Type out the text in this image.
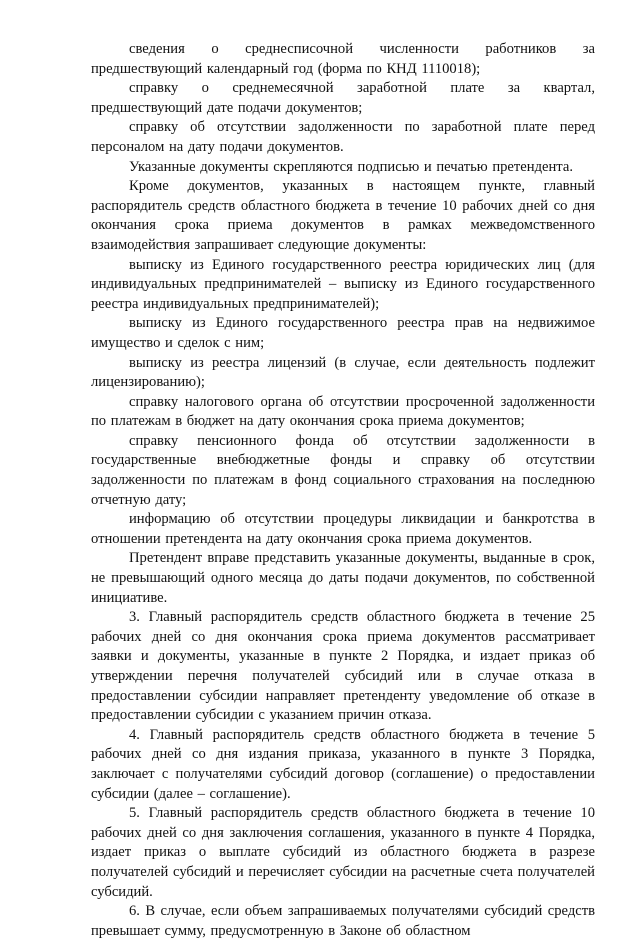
сведения о среднесписочной численности работников за предшествующий календарный год (форма по КНД 1110018);

справку о среднемесячной заработной плате за квартал, предшествующий дате подачи документов;

справку об отсутствии задолженности по заработной плате перед персоналом на дату подачи документов.

Указанные документы скрепляются подписью и печатью претендента.

Кроме документов, указанных в настоящем пункте, главный распорядитель средств областного бюджета в течение 10 рабочих дней со дня окончания срока приема документов в рамках межведомственного взаимодействия запрашивает следующие документы:

выписку из Единого государственного реестра юридических лиц (для индивидуальных предпринимателей – выписку из Единого государственного реестра индивидуальных предпринимателей);

выписку из Единого государственного реестра прав на недвижимое имущество и сделок с ним;

выписку из реестра лицензий (в случае, если деятельность подлежит лицензированию);

справку налогового органа об отсутствии просроченной задолженности по платежам в бюджет на дату окончания срока приема документов;

справку пенсионного фонда об отсутствии задолженности в государственные внебюджетные фонды и справку об отсутствии задолженности по платежам в фонд социального страхования на последнюю отчетную дату;

информацию об отсутствии процедуры ликвидации и банкротства в отношении претендента на дату окончания срока приема документов.

Претендент вправе представить указанные документы, выданные в срок, не превышающий одного месяца до даты подачи документов, по собственной инициативе.

3. Главный распорядитель средств областного бюджета в течение 25 рабочих дней со дня окончания срока приема документов рассматривает заявки и документы, указанные в пункте 2 Порядка, и издает приказ об утверждении перечня получателей субсидий или в случае отказа в предоставлении субсидии направляет претенденту уведомление об отказе в предоставлении субсидии с указанием причин отказа.

4. Главный распорядитель средств областного бюджета в течение 5 рабочих дней со дня издания приказа, указанного в пункте 3 Порядка, заключает с получателями субсидий договор (соглашение) о предоставлении субсидии (далее – соглашение).

5. Главный распорядитель средств областного бюджета в течение 10 рабочих дней со дня заключения соглашения, указанного в пункте 4 Порядка, издает приказ о выплате субсидий из областного бюджета в разрезе получателей субсидий и перечисляет субсидии на расчетные счета получателей субсидий.

6. В случае, если объем запрашиваемых получателями субсидий средств превышает сумму, предусмотренную в Законе об областном
